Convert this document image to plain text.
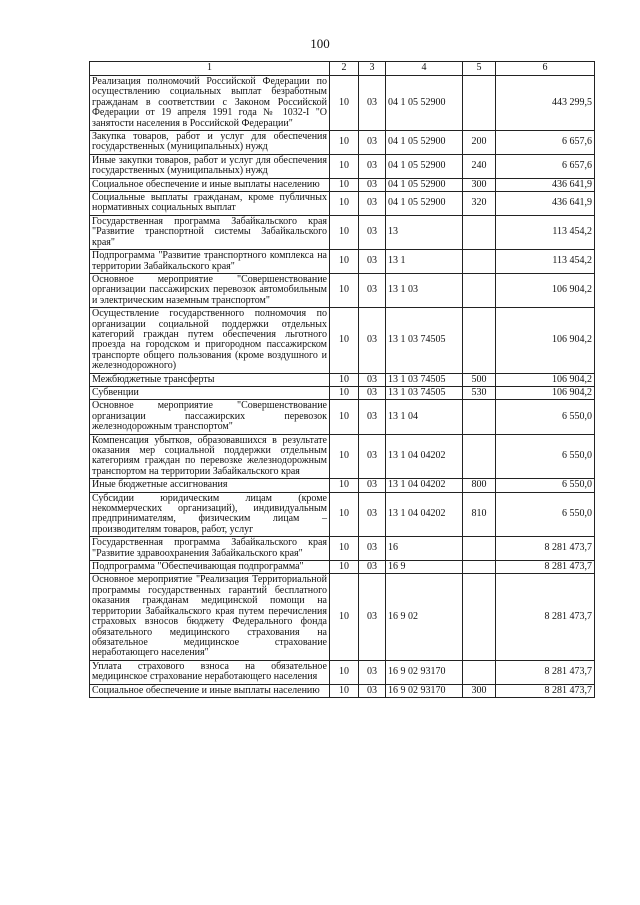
100
1	2	3	4	5	6
Реализация полномочий Российской Федерации по осуществлению социальных выплат безработным гражданам в соответствии с Законом Российской Федерации от 19 апреля 1991 года № 1032-I "О занятости населения в Российской Федерации"	10	03	04 1 05 52900		443 299,5
Закупка товаров, работ и услуг для обеспечения государственных (муниципальных) нужд	10	03	04 1 05 52900	200	6 657,6
Иные закупки товаров, работ и услуг для обеспечения государственных (муниципальных) нужд	10	03	04 1 05 52900	240	6 657,6
Социальное обеспечение и иные выплаты населению	10	03	04 1 05 52900	300	436 641,9
Социальные выплаты гражданам, кроме публичных нормативных социальных выплат	10	03	04 1 05 52900	320	436 641,9
Государственная программа Забайкальского края "Развитие транспортной системы Забайкальского края"	10	03	13		113 454,2
Подпрограмма "Развитие транспортного комплекса на территории Забайкальского края"	10	03	13 1		113 454,2
Основное мероприятие "Совершенствование организации пассажирских перевозок автомобильным и электрическим наземным транспортом"	10	03	13 1 03		106 904,2
Осуществление государственного полномочия по организации социальной поддержки отдельных категорий граждан путем обеспечения льготного проезда на городском и пригородном пассажирском транспорте общего пользования (кроме воздушного и железнодорожного)	10	03	13 1 03 74505		106 904,2
Межбюджетные трансферты	10	03	13 1 03 74505	500	106 904,2
Субвенции	10	03	13 1 03 74505	530	106 904,2
Основное мероприятие "Совершенствование организации пассажирских перевозок железнодорожным транспортом"	10	03	13 1 04		6 550,0
Компенсация убытков, образовавшихся в результате оказания мер социальной поддержки отдельным категориям граждан по перевозке железнодорожным транспортом на территории Забайкальского края	10	03	13 1 04 04202		6 550,0
Иные бюджетные ассигнования	10	03	13 1 04 04202	800	6 550,0
Субсидии юридическим лицам (кроме некоммерческих организаций), индивидуальным предпринимателям, физическим лицам – производителям товаров, работ, услуг	10	03	13 1 04 04202	810	6 550,0
Государственная программа Забайкальского края "Развитие здравоохранения Забайкальского края"	10	03	16		8 281 473,7
Подпрограмма "Обеспечивающая подпрограмма"	10	03	16 9		8 281 473,7
Основное мероприятие "Реализация Территориальной программы государственных гарантий бесплатного оказания гражданам медицинской помощи на территории Забайкальского края путем перечисления страховых взносов бюджету Федерального фонда обязательного медицинского страхования на обязательное медицинское страхование неработающего населения"	10	03	16 9 02		8 281 473,7
Уплата страхового взноса на обязательное медицинское страхование неработающего населения	10	03	16 9 02 93170		8 281 473,7
Социальное обеспечение и иные выплаты населению	10	03	16 9 02 93170	300	8 281 473,7
